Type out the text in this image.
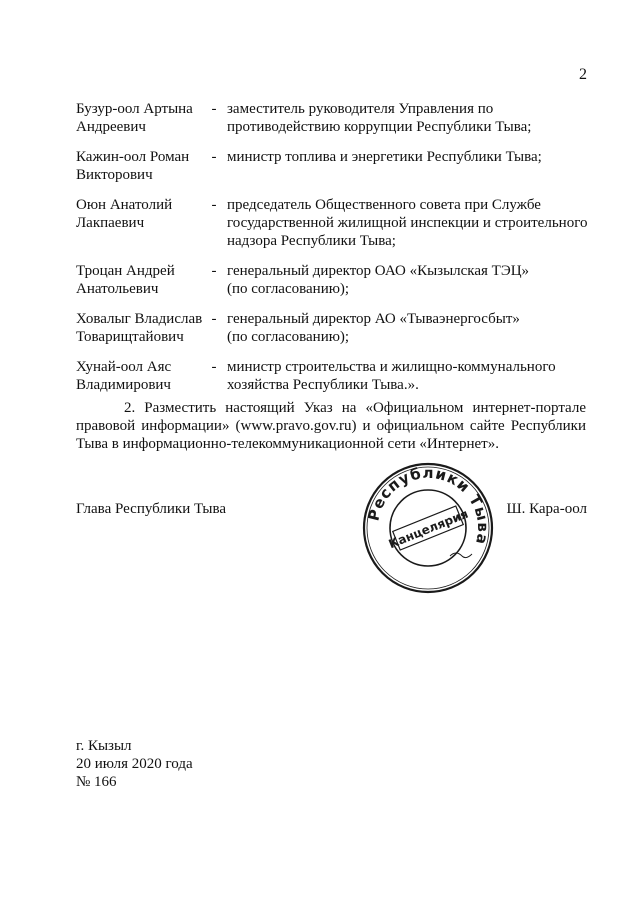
2
Бузур-оол Артына
Андреевич
- заместитель руководителя Управления по
противодействию коррупции Республики Тыва;
Кажин-оол Роман
Викторович
- министр топлива и энергетики Республики Тыва;
Оюн Анатолий
Лакпаевич
- председатель Общественного совета при Службе
государственной жилищной инспекции и строительного
надзора Республики Тыва;
Троцан Андрей
Анатольевич
- генеральный директор ОАО «Кызылская ТЭЦ»
(по согласованию);
Ховалыг Владислав
Товарищтайович
- генеральный директор АО «Тываэнергосбыт»
(по согласованию);
Хунай-оол Аяс
Владимирович
- министр строительства и жилищно-коммунального
хозяйства Республики Тыва.».
2. Разместить настоящий Указ на «Официальном интернет-портале
правовой информации» (www.pravo.gov.ru) и официальном сайте Республики
Тыва в информационно-телекоммуникационной сети «Интернет».
Глава Республики Тыва	Республики Тыва
Канцелярия Ш. Кара-оол
г. Кызыл
20 июля 2020 года
№ 166
